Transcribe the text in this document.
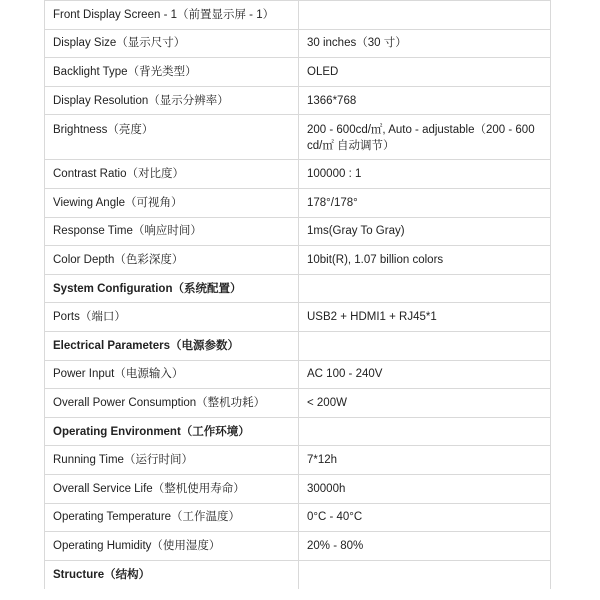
Front Display Screen - 1（前置显示屏 - 1）	
Display Size（显示尺寸）	30 inches（30 寸）
Backlight Type（背光类型）	OLED
Display Resolution（显示分辨率）	1366*768
Brightness（亮度）	200 - 600cd/㎡, Auto - adjustable（200 - 600 cd/㎡ 自动调节）
Contrast Ratio（对比度）	100000 : 1
Viewing Angle（可视角）	178°/178°
Response Time（响应时间）	1ms(Gray To Gray)
Color Depth（色彩深度）	10bit(R), 1.07 billion colors
System Configuration（系统配置）	
Ports（端口）	USB2 + HDMI1 + RJ45*1
Electrical Parameters（电源参数）	
Power Input（电源输入）	AC 100 - 240V
Overall Power Consumption（整机功耗）	< 200W
Operating Environment（工作环境）	
Running Time（运行时间）	7*12h
Overall Service Life（整机使用寿命）	30000h
Operating Temperature（工作温度）	0°C - 40°C
Operating Humidity（使用湿度）	20% - 80%
Structure（结构）	
